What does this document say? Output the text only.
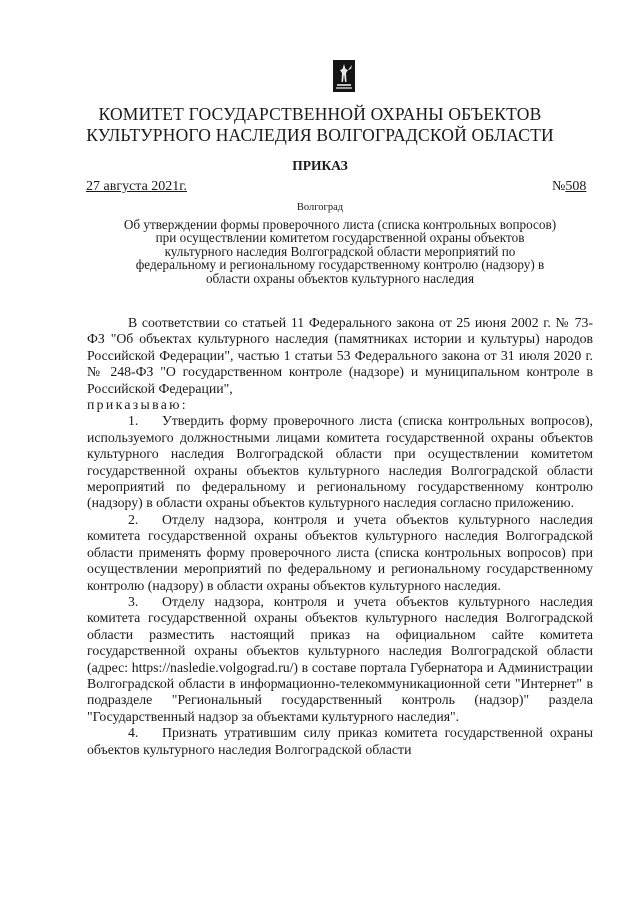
КОМИТЕТ ГОСУДАРСТВЕННОЙ ОХРАНЫ ОБЪЕКТОВ
КУЛЬТУРНОГО НАСЛЕДИЯ ВОЛГОГРАДСКОЙ ОБЛАСТИ
ПРИКАЗ
27 августа 2021г.	№508
Волгоград
Об утверждении формы проверочного листа (списка контрольных вопросов)
при осуществлении комитетом государственной охраны объектов
культурного наследия Волгоградской области мероприятий по
федеральному и региональному государственному контролю (надзору) в
области охраны объектов культурного наследия

В соответствии со статьей 11 Федерального закона от 25 июня 2002 г. № 73-ФЗ "Об объектах культурного наследия (памятниках истории и культуры) народов Российской Федерации", частью 1 статьи 53 Федерального закона от 31 июля 2020 г. № 248-ФЗ "О государственном контроле (надзоре) и муниципальном контроле в Российской Федерации",

приказываю:

1. Утвердить форму проверочного листа (списка контрольных вопросов), используемого должностными лицами комитета государственной охраны объектов культурного наследия Волгоградской области при осуществлении комитетом государственной охраны объектов культурного наследия Волгоградской области мероприятий по федеральному и региональному государственному контролю (надзору) в области охраны объектов культурного наследия согласно приложению.

2. Отделу надзора, контроля и учета объектов культурного наследия комитета государственной охраны объектов культурного наследия Волгоградской области применять форму проверочного листа (списка контрольных вопросов) при осуществлении мероприятий по федеральному и региональному государственному контролю (надзору) в области охраны объектов культурного наследия.

3. Отделу надзора, контроля и учета объектов культурного наследия комитета государственной охраны объектов культурного наследия Волгоградской области разместить настоящий приказ на официальном сайте комитета государственной охраны объектов культурного наследия Волгоградской области (адрес: https://nasledie.volgograd.ru/) в составе портала Губернатора и Администрации Волгоградской области в информационно-телекоммуникационной сети "Интернет" в подразделе "Региональный государственный контроль (надзор)" раздела "Государственный надзор за объектами культурного наследия".

4. Признать утратившим силу приказ комитета государственной охраны объектов культурного наследия Волгоградской области
